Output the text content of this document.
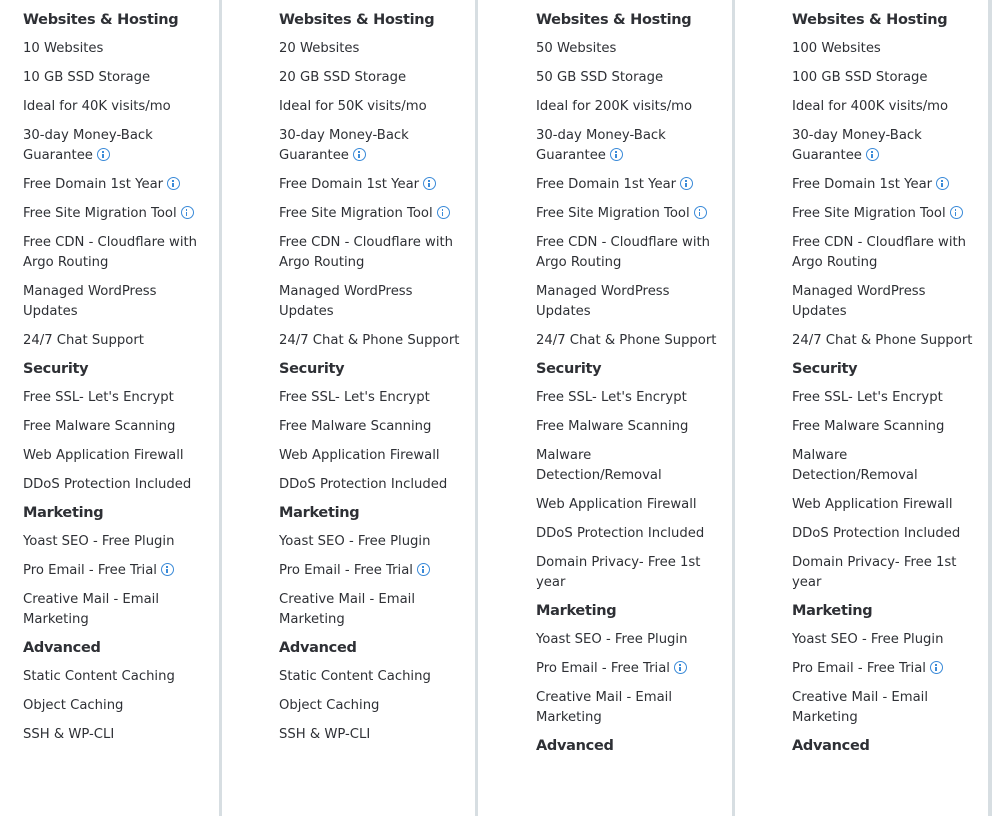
Websites & Hosting
10 Websites
10 GB SSD Storage
Ideal for 40K visits/mo
30-day Money-Back
Guarantee
Free Domain 1st Year
Free Site Migration Tool
Free CDN - Cloudflare with
Argo Routing
Managed WordPress
Updates
24/7 Chat Support
Security
Free SSL- Let's Encrypt
Free Malware Scanning
Web Application Firewall
DDoS Protection Included
Marketing
Yoast SEO - Free Plugin
Pro Email - Free Trial
Creative Mail - Email
Marketing
Advanced
Static Content Caching
Object Caching
SSH & WP-CLI
Websites & Hosting
20 Websites
20 GB SSD Storage
Ideal for 50K visits/mo
30-day Money-Back
Guarantee
Free Domain 1st Year
Free Site Migration Tool
Free CDN - Cloudflare with
Argo Routing
Managed WordPress
Updates
24/7 Chat & Phone Support
Security
Free SSL- Let's Encrypt
Free Malware Scanning
Web Application Firewall
DDoS Protection Included
Marketing
Yoast SEO - Free Plugin
Pro Email - Free Trial
Creative Mail - Email
Marketing
Advanced
Static Content Caching
Object Caching
SSH & WP-CLI
Websites & Hosting
50 Websites
50 GB SSD Storage
Ideal for 200K visits/mo
30-day Money-Back
Guarantee
Free Domain 1st Year
Free Site Migration Tool
Free CDN - Cloudflare with
Argo Routing
Managed WordPress
Updates
24/7 Chat & Phone Support
Security
Free SSL- Let's Encrypt
Free Malware Scanning
Malware
Detection/Removal
Web Application Firewall
DDoS Protection Included
Domain Privacy- Free 1st
year
Marketing
Yoast SEO - Free Plugin
Pro Email - Free Trial
Creative Mail - Email
Marketing
Advanced
Websites & Hosting
100 Websites
100 GB SSD Storage
Ideal for 400K visits/mo
30-day Money-Back
Guarantee
Free Domain 1st Year
Free Site Migration Tool
Free CDN - Cloudflare with
Argo Routing
Managed WordPress
Updates
24/7 Chat & Phone Support
Security
Free SSL- Let's Encrypt
Free Malware Scanning
Malware
Detection/Removal
Web Application Firewall
DDoS Protection Included
Domain Privacy- Free 1st
year
Marketing
Yoast SEO - Free Plugin
Pro Email - Free Trial
Creative Mail - Email
Marketing
Advanced
